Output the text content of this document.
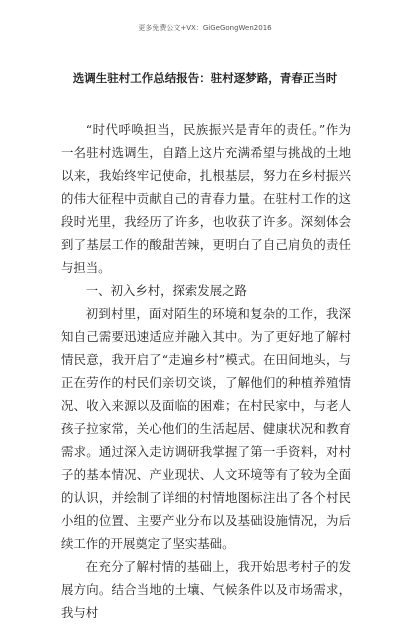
更多免费公文+VX：GiGeGongWen2016
选调生驻村工作总结报告：驻村逐梦路，青春正当时

“时代呼唤担当，民族振兴是青年的责任。”作为一名驻村选调生，自踏上这片充满希望与挑战的土地以来，我始终牢记使命，扎根基层，努力在乡村振兴的伟大征程中贡献自己的青春力量。在驻村工作的这段时光里，我经历了许多，也收获了许多。深刻体会到了基层工作的酸甜苦辣，更明白了自己肩负的责任与担当。

一、初入乡村，探索发展之路

初到村里，面对陌生的环境和复杂的工作，我深知自己需要迅速适应并融入其中。为了更好地了解村情民意，我开启了“走遍乡村”模式。在田间地头，与正在劳作的村民们亲切交谈，了解他们的种植养殖情况、收入来源以及面临的困难；在村民家中，与老人孩子拉家常，关心他们的生活起居、健康状况和教育需求。通过深入走访调研我掌握了第一手资料，对村子的基本情况、产业现状、人文环境等有了较为全面的认识，并绘制了详细的村情地图标注出了各个村民小组的位置、主要产业分布以及基础设施情况，为后续工作的开展奠定了坚实基础。

在充分了解村情的基础上，我开始思考村子的发展方向。结合当地的土壤、气候条件以及市场需求，我与村
